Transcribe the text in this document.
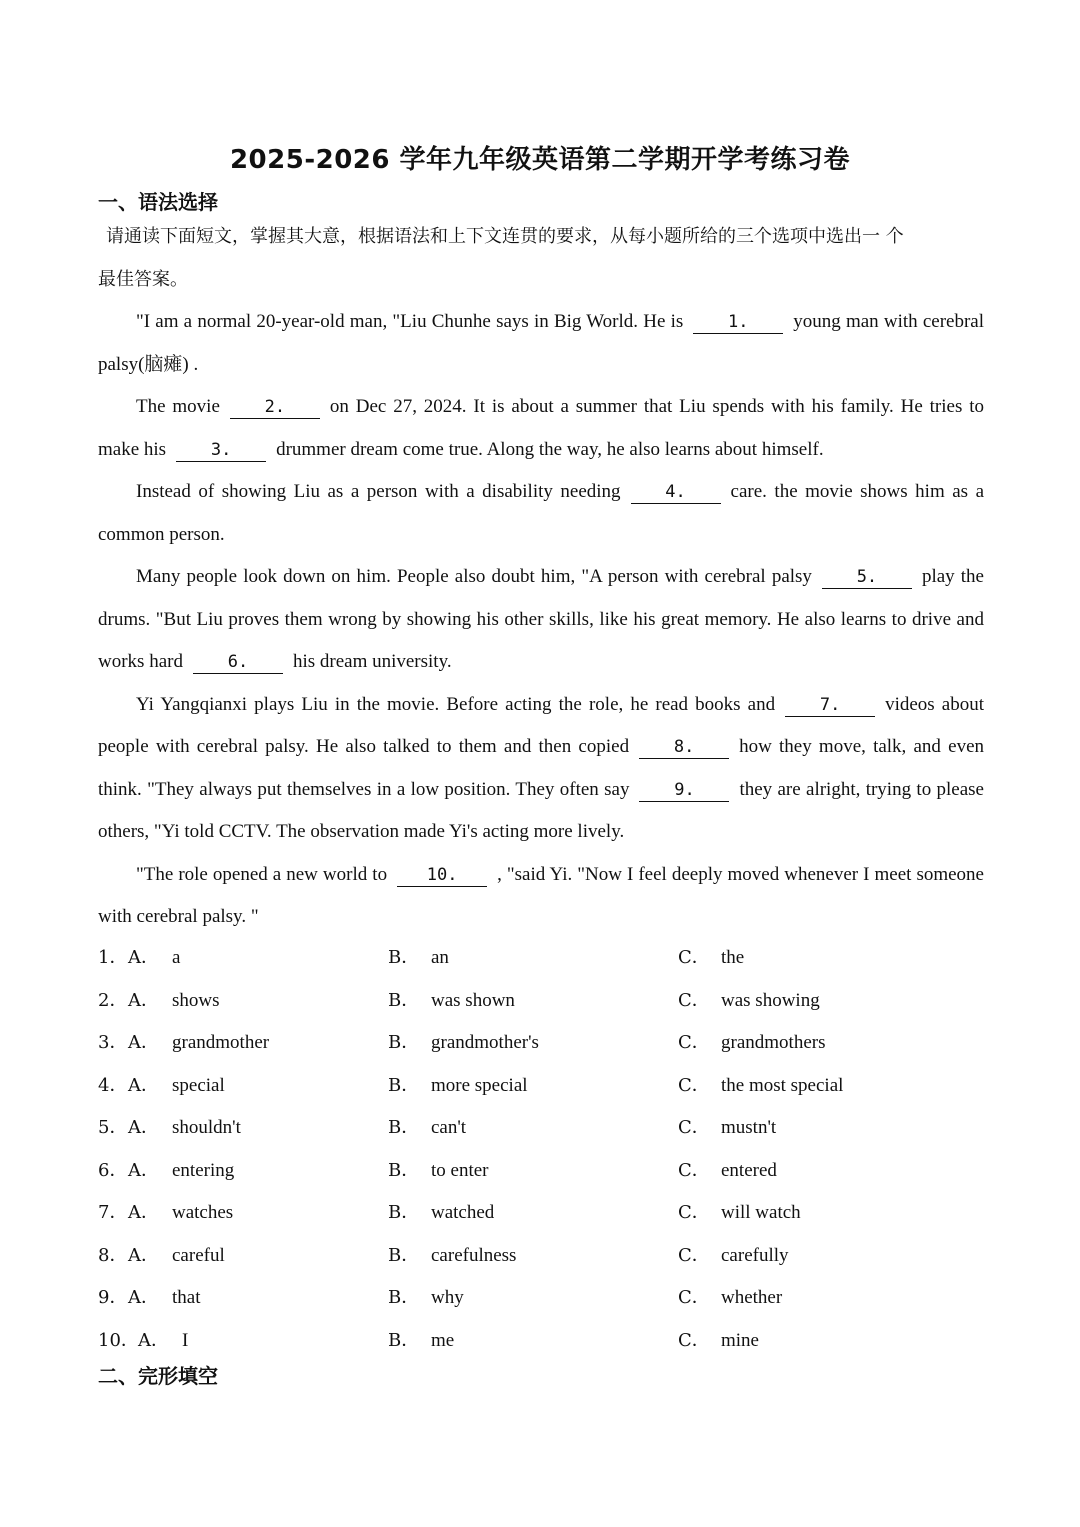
2025-2026 学年九年级英语第二学期开学考练习卷
一、语法选择
请通读下面短文，掌握其大意，根据语法和上下文连贯的要求，从每小题所给的三个选项中选出一 个
最佳答案。

"I am a normal 20-year-old man, "Liu Chunhe says in Big World. He is	1. young man with cerebral palsy(脑瘫) .

The movie	2. on Dec 27, 2024. It is about a summer that Liu spends with his family. He tries to make his	3. drummer dream come true. Along the way, he also learns about himself.

Instead of showing Liu as a person with a disability needing	4. care. the movie shows him as a common person.

Many people look down on him. People also doubt him, "A person with cerebral palsy	5. play the drums. "But Liu proves them wrong by showing his other skills, like his great memory. He also learns to drive and works hard	6. his dream university.

Yi Yangqianxi plays Liu in the movie. Before acting the role, he read books and	7. videos about people with cerebral palsy. He also talked to them and then copied	8. how they move, talk, and even think. "They always put themselves in a low position. They often say	9. they are alright, trying to please others, "Yi told CCTV. The observation made Yi's acting more lively.

"The role opened a new world to 10. , "said Yi. "Now I feel deeply moved whenever I meet someone with cerebral palsy. "

1． A． a	B． an	C． the
2． A． shows	B． was shown	C． was showing
3． A． grandmother	B． grandmother's	C． grandmothers
4． A． special	B． more special	C． the most special
5． A． shouldn't	B． can't	C． mustn't
6． A． entering	B． to enter	C． entered
7． A． watches	B． watched	C． will watch
8． A． careful	B． carefulness	C． carefully
9． A． that	B． why	C． whether
10． A． I	B． me	C． mine
二、完形填空
